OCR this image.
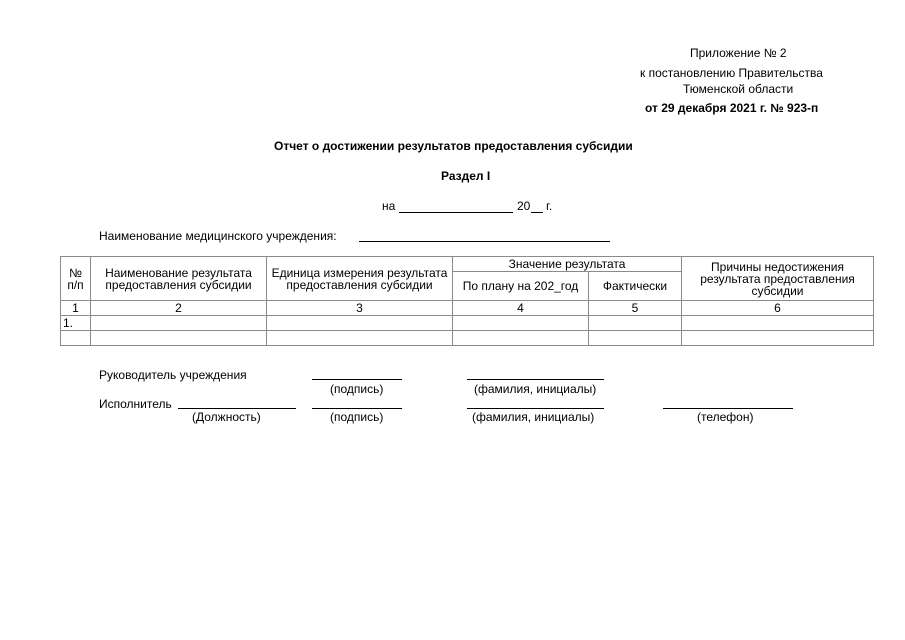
Приложение № 2
к постановлению Правительства
Тюменской области
от 29 декабря 2021 г. № 923-п
Отчет о достижении результатов предоставления субсидии
Раздел I
на	20 г.
Наименование медицинского учреждения:
№ п/п	Наименование результата предоставления субсидии	Единица измерения результата предоставления субсидии	Значение результата		Причины недостижения результата предоставления субсидии
			По плану на 202_год	Фактически	
1	2	3	4	5	6
1.					

Руководитель учреждения
(подпись)	(фамилия, инициалы)
Исполнитель
(Должность)	(подпись)	(фамилия, инициалы)	(телефон)
